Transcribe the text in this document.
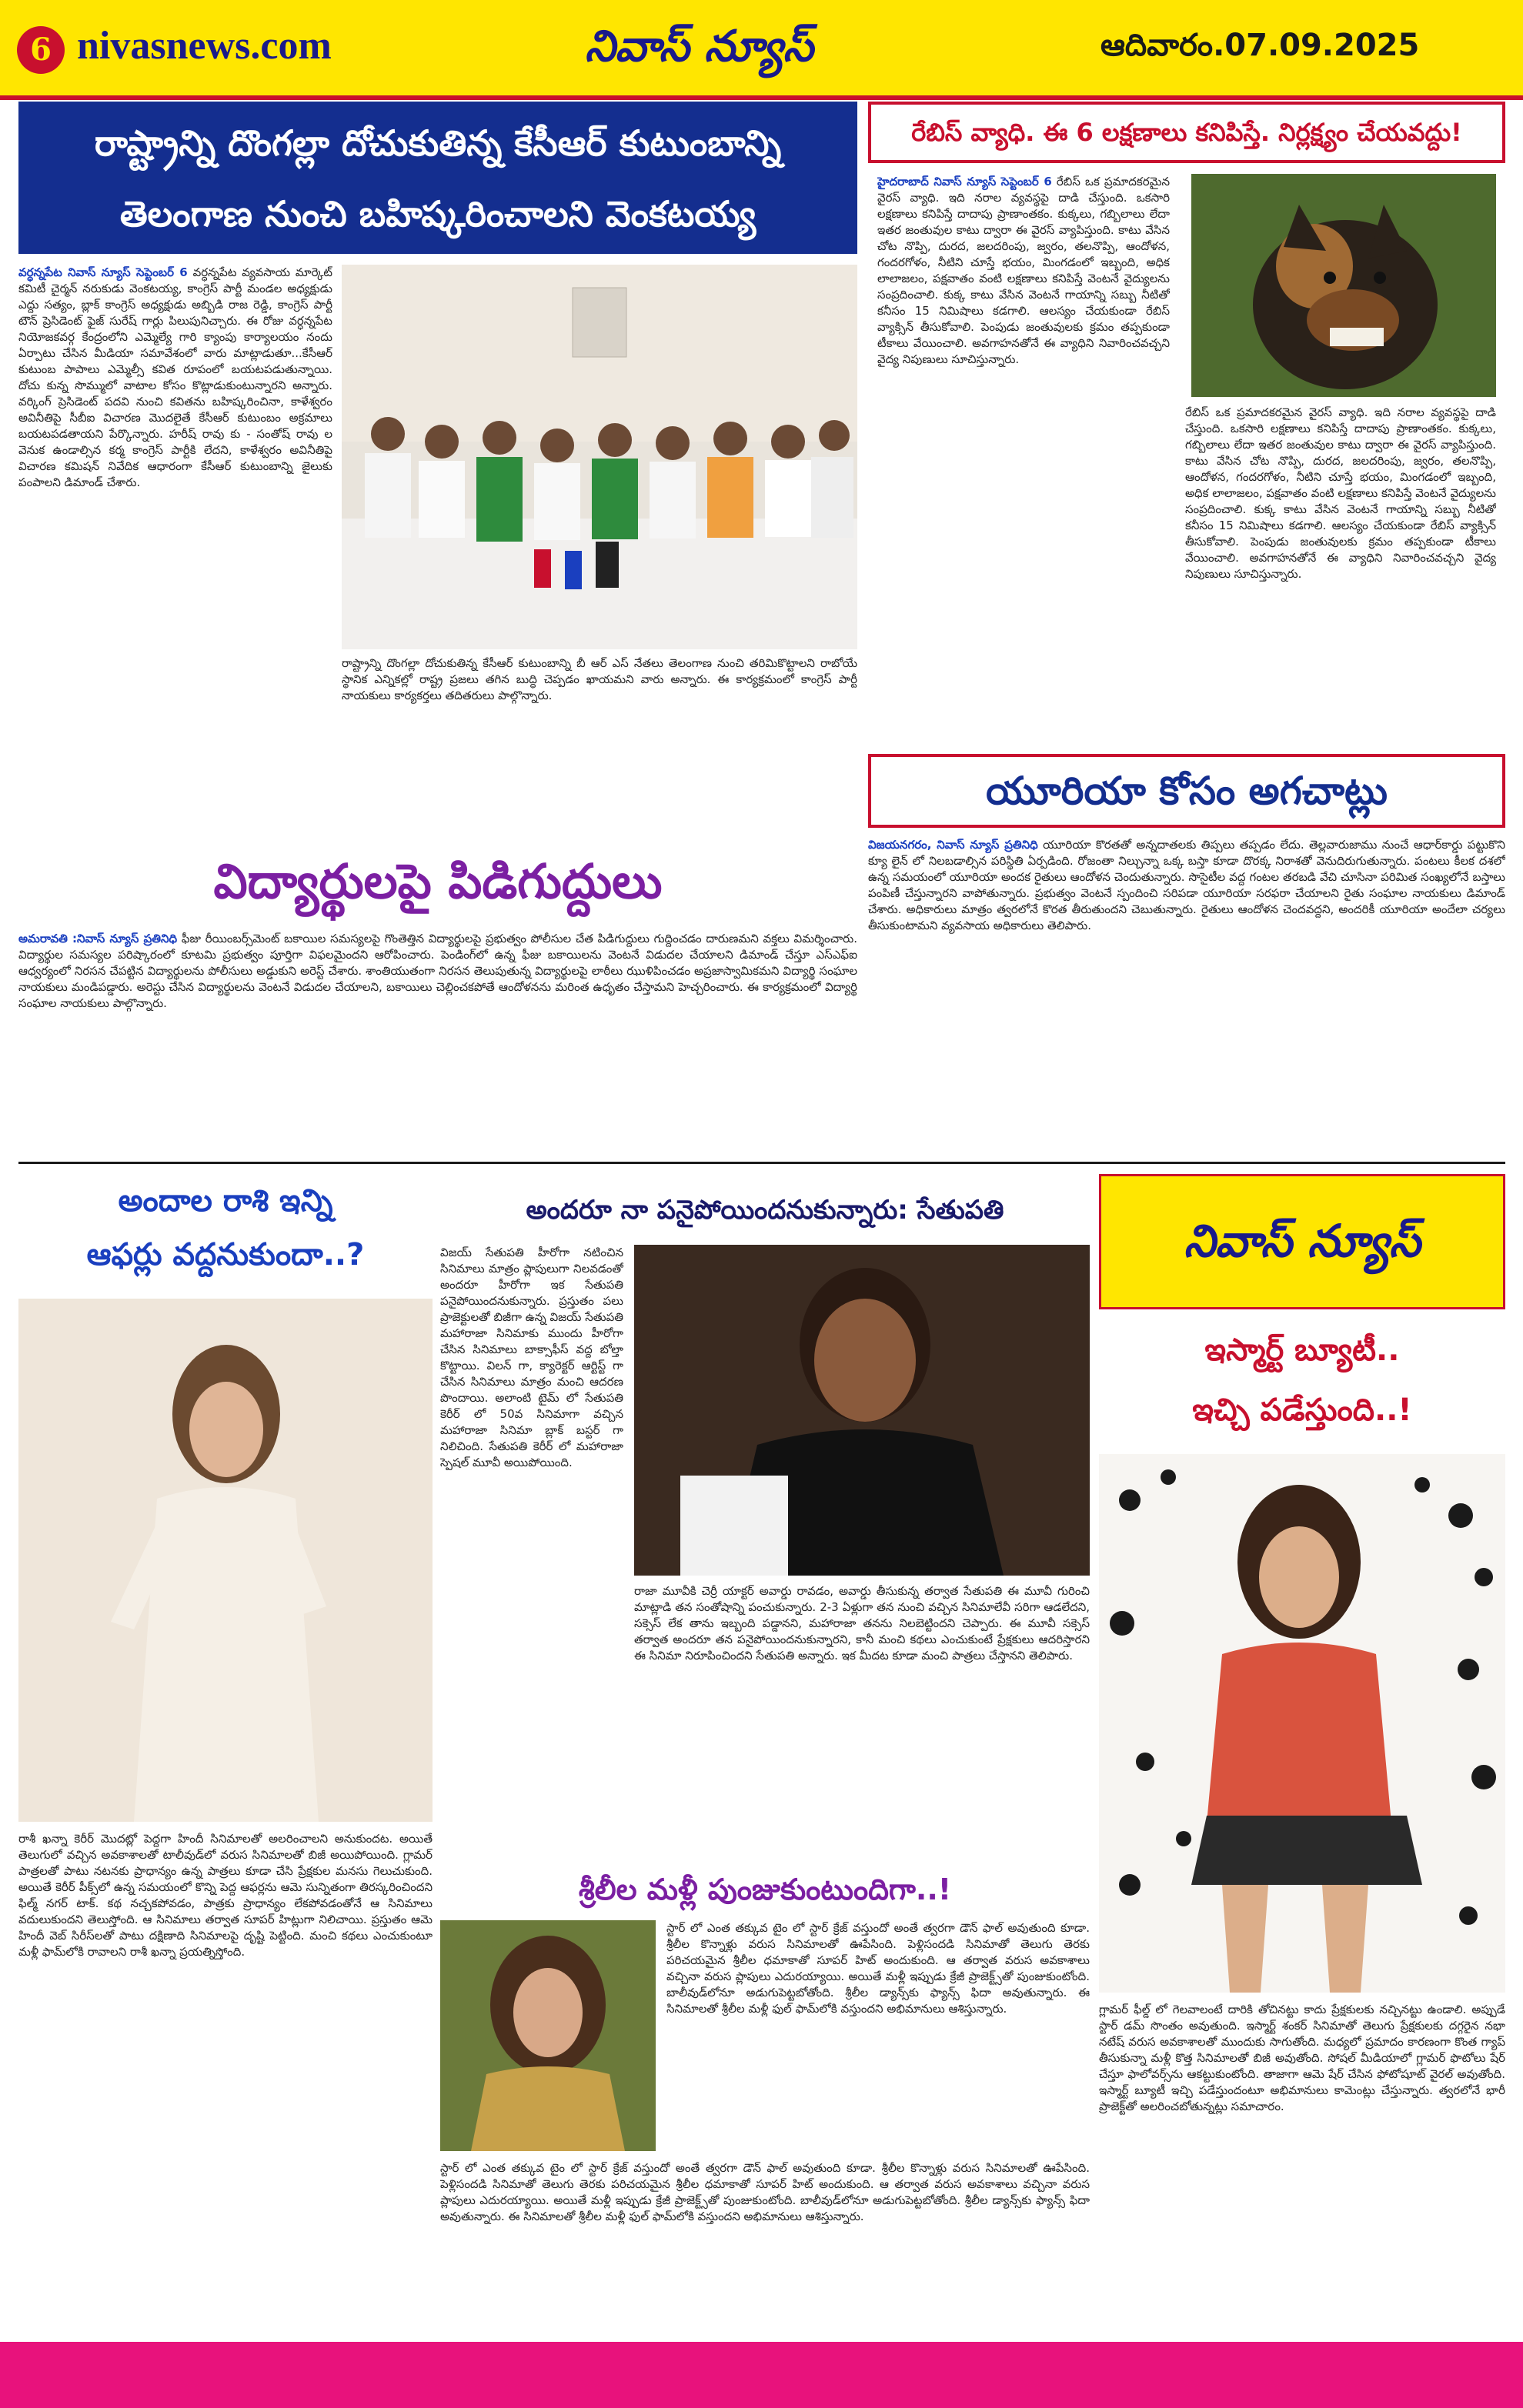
6 nivasnews.com	నివాస్ న్యూస్	ఆదివారం.07.09.2025
రాష్ట్రాన్ని దొంగల్లా దోచుకుతిన్న కేసీఆర్ కుటుంబాన్ని
తెలంగాణ నుంచి బహిష్కరించాలని వెంకటయ్య
వర్ధన్నపేట నివాస్ న్యూస్ సెప్టెంబర్ 6 వర్ధన్నపేట వ్యవసాయ మార్కెట్ కమిటీ చైర్మన్ నరుకుడు వెంకటయ్య, కాంగ్రెస్ పార్టీ మండల అధ్యక్షుడు ఎద్దు సత్యం, బ్లాక్ కాంగ్రెస్ అధ్యక్షుడు అబ్బిడి రాజ రెడ్డి, కాంగ్రెస్ పార్టీ టౌన్ ప్రెసిడెంట్ ఫైజ్ సురేష్ గార్లు పిలుపునిచ్చారు. ఈ రోజు వర్ధన్నపేట నియోజకవర్గ కేంద్రంలోని ఎమ్మెల్యే గారి క్యాంపు కార్యాలయం నందు ఏర్పాటు చేసిన మీడియా సమావేశంలో వారు మాట్లాడుతూ...కేసీఆర్ కుటుంబ పాపాలు ఎమ్మెల్సీ కవిత రూపంలో బయటపడుతున్నాయి. దోచు కున్న సొమ్ములో వాటాల కోసం కొట్లాడుకుంటున్నారని అన్నారు. వర్కింగ్ ప్రెసిడెంట్ పదవి నుంచి కవితను బహిష్కరించినా, కాళేశ్వరం అవినీతిపై సీబీఐ విచారణ మొదలైతే కేసీఆర్ కుటుంబం అక్రమాలు బయటపడతాయని పేర్కొన్నారు. హరీష్ రావు కు - సంతోష్ రావు ల వెనుక ఉండాల్సిన కర్మ కాంగ్రెస్ పార్టీకి లేదని, కాళేశ్వరం అవినీతిపై విచారణ కమిషన్ నివేదిక ఆధారంగా కేసీఆర్ కుటుంబాన్ని జైలుకు పంపాలని డిమాండ్ చేశారు.
రాష్ట్రాన్ని దొంగల్లా దోచుకుతిన్న కేసీఆర్ కుటుంబాన్ని బీ ఆర్ ఎస్ నేతలు తెలంగాణ నుంచి తరిమికొట్టాలని రాబోయే స్థానిక ఎన్నికల్లో రాష్ట్ర ప్రజలు తగిన బుద్ధి చెప్పడం ఖాయమని వారు అన్నారు. ఈ కార్యక్రమంలో కాంగ్రెస్ పార్టీ నాయకులు కార్యకర్తలు తదితరులు పాల్గొన్నారు.
రేబిస్ వ్యాధి. ఈ 6 లక్షణాలు కనిపిస్తే. నిర్లక్ష్యం చేయవద్దు!
హైదరాబాద్ నివాస్ న్యూస్ సెప్టెంబర్ 6 రేబిస్ ఒక ప్రమాదకరమైన వైరస్ వ్యాధి. ఇది నరాల వ్యవస్థపై దాడి చేస్తుంది. ఒకసారి లక్షణాలు కనిపిస్తే దాదాపు ప్రాణాంతకం. కుక్కలు, గబ్బిలాలు లేదా ఇతర జంతువుల కాటు ద్వారా ఈ వైరస్ వ్యాపిస్తుంది. కాటు వేసిన చోట నొప్పి, దురద, జలదరింపు, జ్వరం, తలనొప్పి, ఆందోళన, గందరగోళం, నీటిని చూస్తే భయం, మింగడంలో ఇబ్బంది, అధిక లాలాజలం, పక్షవాతం వంటి లక్షణాలు కనిపిస్తే వెంటనే వైద్యులను సంప్రదించాలి. కుక్క కాటు వేసిన వెంటనే గాయాన్ని సబ్బు నీటితో కనీసం 15 నిమిషాలు కడగాలి. ఆలస్యం చేయకుండా రేబిస్ వ్యాక్సిన్ తీసుకోవాలి. పెంపుడు జంతువులకు క్రమం తప్పకుండా టీకాలు వేయించాలి. అవగాహనతోనే ఈ వ్యాధిని నివారించవచ్చని వైద్య నిపుణులు సూచిస్తున్నారు.
రేబిస్ ఒక ప్రమాదకరమైన వైరస్ వ్యాధి. ఇది నరాల వ్యవస్థపై దాడి చేస్తుంది. ఒకసారి లక్షణాలు కనిపిస్తే దాదాపు ప్రాణాంతకం. కుక్కలు, గబ్బిలాలు లేదా ఇతర జంతువుల కాటు ద్వారా ఈ వైరస్ వ్యాపిస్తుంది. కాటు వేసిన చోట నొప్పి, దురద, జలదరింపు, జ్వరం, తలనొప్పి, ఆందోళన, గందరగోళం, నీటిని చూస్తే భయం, మింగడంలో ఇబ్బంది, అధిక లాలాజలం, పక్షవాతం వంటి లక్షణాలు కనిపిస్తే వెంటనే వైద్యులను సంప్రదించాలి. కుక్క కాటు వేసిన వెంటనే గాయాన్ని సబ్బు నీటితో కనీసం 15 నిమిషాలు కడగాలి. ఆలస్యం చేయకుండా రేబిస్ వ్యాక్సిన్ తీసుకోవాలి. పెంపుడు జంతువులకు క్రమం తప్పకుండా టీకాలు వేయించాలి. అవగాహనతోనే ఈ వ్యాధిని నివారించవచ్చని వైద్య నిపుణులు సూచిస్తున్నారు.
యూరియా కోసం అగచాట్లు
విజయనగరం, నివాస్ న్యూస్ ప్రతినిధి యూరియా కొరతతో అన్నదాతలకు తిప్పలు తప్పడం లేదు. తెల్లవారుజాము నుంచే ఆధార్‌కార్డు పట్టుకొని క్యూ లైన్ లో నిలబడాల్సిన పరిస్థితి ఏర్పడింది. రోజంతా నిల్చున్నా ఒక్క బస్తా కూడా దొరక్క నిరాశతో వెనుదిరుగుతున్నారు. పంటలు కీలక దశలో ఉన్న సమయంలో యూరియా అందక రైతులు ఆందోళన చెందుతున్నారు. సొసైటీల వద్ద గంటల తరబడి వేచి చూసినా పరిమిత సంఖ్యలోనే బస్తాలు పంపిణీ చేస్తున్నారని వాపోతున్నారు. ప్రభుత్వం వెంటనే స్పందించి సరిపడా యూరియా సరఫరా చేయాలని రైతు సంఘాల నాయకులు డిమాండ్ చేశారు. అధికారులు మాత్రం త్వరలోనే కొరత తీరుతుందని చెబుతున్నారు. రైతులు ఆందోళన చెందవద్దని, అందరికీ యూరియా అందేలా చర్యలు తీసుకుంటామని వ్యవసాయ అధికారులు తెలిపారు.
విద్యార్థులపై పిడిగుద్దులు
అమరావతి :నివాస్ న్యూస్ ప్రతినిధి ఫీజు రీయింబర్స్‌మెంట్ బకాయిల సమస్యలపై గొంతెత్తిన విద్యార్థులపై ప్రభుత్వం పోలీసుల చేత పిడిగుద్దులు గుద్దించడం దారుణమని వక్తలు విమర్శించారు. విద్యార్థుల సమస్యల పరిష్కారంలో కూటమి ప్రభుత్వం పూర్తిగా విఫలమైందని ఆరోపించారు. పెండింగ్‌లో ఉన్న ఫీజు బకాయిలను వెంటనే విడుదల చేయాలని డిమాండ్ చేస్తూ ఎస్ఎఫ్ఐ ఆధ్వర్యంలో నిరసన చేపట్టిన విద్యార్థులను పోలీసులు అడ్డుకుని అరెస్ట్ చేశారు. శాంతియుతంగా నిరసన తెలుపుతున్న విద్యార్థులపై లాఠీలు ఝుళిపించడం అప్రజాస్వామికమని విద్యార్థి సంఘాల నాయకులు మండిపడ్డారు. అరెస్టు చేసిన విద్యార్థులను వెంటనే విడుదల చేయాలని, బకాయిలు చెల్లించకపోతే ఆందోళనను మరింత ఉధృతం చేస్తామని హెచ్చరించారు. ఈ కార్యక్రమంలో విద్యార్థి సంఘాల నాయకులు పాల్గొన్నారు.
అందాల రాశి ఇన్ని
ఆఫర్లు వద్దనుకుందా..?
రాశీ ఖన్నా కెరీర్ మొదట్లో పెద్దగా హిందీ సినిమాలతో అలరించాలని అనుకుందట. అయితే తెలుగులో వచ్చిన అవకాశాలతో టాలీవుడ్‌లో వరుస సినిమాలతో బిజీ అయిపోయింది. గ్లామర్ పాత్రలతో పాటు నటనకు ప్రాధాన్యం ఉన్న పాత్రలు కూడా చేసి ప్రేక్షకుల మనసు గెలుచుకుంది. అయితే కెరీర్ పీక్స్‌లో ఉన్న సమయంలో కొన్ని పెద్ద ఆఫర్లను ఆమె సున్నితంగా తిరస్కరించిందని ఫిల్మ్ నగర్ టాక్. కథ నచ్చకపోవడం, పాత్రకు ప్రాధాన్యం లేకపోవడంతోనే ఆ సినిమాలు వదులుకుందని తెలుస్తోంది. ఆ సినిమాలు తర్వాత సూపర్ హిట్లుగా నిలిచాయి. ప్రస్తుతం ఆమె హిందీ వెబ్ సిరీస్‌లతో పాటు దక్షిణాది సినిమాలపై దృష్టి పెట్టింది. మంచి కథలు ఎంచుకుంటూ మళ్లీ ఫామ్‌లోకి రావాలని రాశీ ఖన్నా ప్రయత్నిస్తోంది.
అందరూ నా పనైపోయిందనుకున్నారు: సేతుపతి
విజయ్ సేతుపతి హీరోగా నటించిన సినిమాలు మాత్రం ప్లాపులుగా నిలవడంతో అందరూ హీరోగా ఇక సేతుపతి పనైపోయిందనుకున్నారు. ప్రస్తుతం పలు ప్రాజెక్టులతో బిజీగా ఉన్న విజయ్ సేతుపతి మహారాజా సినిమాకు ముందు హీరోగా చేసిన సినిమాలు బాక్సాఫీస్ వద్ద బోల్తా కొట్టాయి. విలన్ గా, క్యారెక్టర్ ఆర్టిస్ట్ గా చేసిన సినిమాలు మాత్రం మంచి ఆదరణ పొందాయి. అలాంటి టైమ్ లో సేతుపతి కెరీర్ లో 50వ సినిమాగా వచ్చిన మహారాజా సినిమా బ్లాక్ బస్టర్ గా నిలిచింది. సేతుపతి కెరీర్ లో మహారాజా స్పెషల్ మూవీ అయిపోయింది.
రాజా మూవీకి చెర్రీ యాక్టర్ అవార్డు రావడం, అవార్డు తీసుకున్న తర్వాత సేతుపతి ఈ మూవీ గురించి మాట్లాడి తన సంతోషాన్ని పంచుకున్నారు. 2-3 ఏళ్లుగా తన నుంచి వచ్చిన సినిమాలేవీ సరిగా ఆడలేదని, సక్సెస్ లేక తాను ఇబ్బంది పడ్డానని, మహారాజా తనను నిలబెట్టిందని చెప్పారు. ఈ మూవీ సక్సెస్ తర్వాత అందరూ తన పనైపోయిందనుకున్నారని, కానీ మంచి కథలు ఎంచుకుంటే ప్రేక్షకులు ఆదరిస్తారని ఈ సినిమా నిరూపించిందని సేతుపతి అన్నారు. ఇక మీదట కూడా మంచి పాత్రలు చేస్తానని తెలిపారు.
శ్రీలీల మళ్లీ పుంజుకుంటుందిగా..!
స్టార్ లో ఎంత తక్కువ టైం లో స్టార్ క్రేజ్ వస్తుందో అంతే త్వరగా డౌన్ ఫాల్ అవుతుంది కూడా. శ్రీలీల కొన్నాళ్లు వరుస సినిమాలతో ఊపేసింది. పెళ్లిసందడి సినిమాతో తెలుగు తెరకు పరిచయమైన శ్రీలీల ధమాకాతో సూపర్ హిట్ అందుకుంది. ఆ తర్వాత వరుస అవకాశాలు వచ్చినా వరుస ప్లాపులు ఎదురయ్యాయి. అయితే మళ్లీ ఇప్పుడు క్రేజీ ప్రాజెక్ట్స్‌తో పుంజుకుంటోంది. బాలీవుడ్‌లోనూ అడుగుపెట్టబోతోంది. శ్రీలీల డ్యాన్స్‌కు ఫ్యాన్స్ ఫిదా అవుతున్నారు. ఈ సినిమాలతో శ్రీలీల మళ్లీ ఫుల్ ఫామ్‌లోకి వస్తుందని అభిమానులు ఆశిస్తున్నారు.
స్టార్ లో ఎంత తక్కువ టైం లో స్టార్ క్రేజ్ వస్తుందో అంతే త్వరగా డౌన్ ఫాల్ అవుతుంది కూడా. శ్రీలీల కొన్నాళ్లు వరుస సినిమాలతో ఊపేసింది. పెళ్లిసందడి సినిమాతో తెలుగు తెరకు పరిచయమైన శ్రీలీల ధమాకాతో సూపర్ హిట్ అందుకుంది. ఆ తర్వాత వరుస అవకాశాలు వచ్చినా వరుస ప్లాపులు ఎదురయ్యాయి. అయితే మళ్లీ ఇప్పుడు క్రేజీ ప్రాజెక్ట్స్‌తో పుంజుకుంటోంది. బాలీవుడ్‌లోనూ అడుగుపెట్టబోతోంది. శ్రీలీల డ్యాన్స్‌కు ఫ్యాన్స్ ఫిదా అవుతున్నారు. ఈ సినిమాలతో శ్రీలీల మళ్లీ ఫుల్ ఫామ్‌లోకి వస్తుందని అభిమానులు ఆశిస్తున్నారు.
నివాస్ న్యూస్
ఇస్మార్ట్ బ్యూటీ..
ఇచ్చి పడేస్తుంది..!
గ్లామర్ ఫీల్డ్ లో గెలవాలంటే దారికి తోచినట్టు కాదు ప్రేక్షకులకు నచ్చినట్టు ఉండాలి. అప్పుడే స్టార్ డమ్ సొంతం అవుతుంది. ఇస్మార్ట్ శంకర్ సినిమాతో తెలుగు ప్రేక్షకులకు దగ్గరైన నభా నటేష్ వరుస అవకాశాలతో ముందుకు సాగుతోంది. మధ్యలో ప్రమాదం కారణంగా కొంత గ్యాప్ తీసుకున్నా మళ్లీ కొత్త సినిమాలతో బిజీ అవుతోంది. సోషల్ మీడియాలో గ్లామర్ ఫొటోలు షేర్ చేస్తూ ఫాలోవర్స్‌ను ఆకట్టుకుంటోంది. తాజాగా ఆమె షేర్ చేసిన ఫోటోషూట్ వైరల్ అవుతోంది. ఇస్మార్ట్ బ్యూటీ ఇచ్చి పడేస్తుందంటూ అభిమానులు కామెంట్లు చేస్తున్నారు. త్వరలోనే భారీ ప్రాజెక్ట్‌తో అలరించబోతున్నట్లు సమాచారం.
